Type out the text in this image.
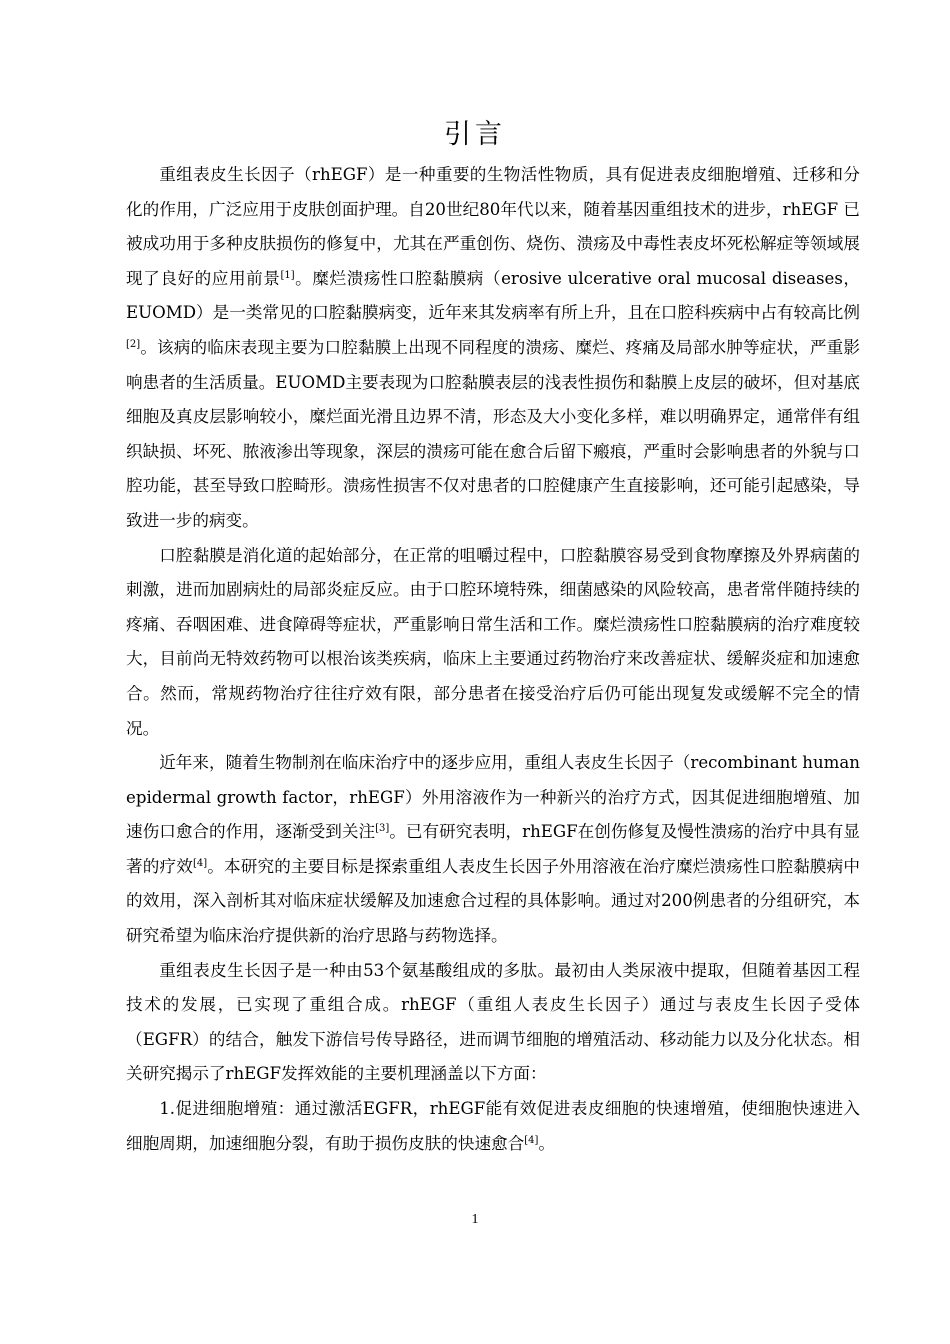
引言

重组表皮生长因子（rhEGF）是一种重要的生物活性物质，具有促进表皮细胞增殖、迁移和分化的作用，广泛应用于皮肤创面护理。自20世纪80年代以来，随着基因重组技术的进步，rhEGF 已被成功用于多种皮肤损伤的修复中，尤其在严重创伤、烧伤、溃疡及中毒性表皮坏死松解症等领域展现了良好的应用前景[1]。糜烂溃疡性口腔黏膜病（erosive ulcerative oral mucosal diseases，EUOMD）是一类常见的口腔黏膜病变，近年来其发病率有所上升，且在口腔科疾病中占有较高比例[2]。该病的临床表现主要为口腔黏膜上出现不同程度的溃疡、糜烂、疼痛及局部水肿等症状，严重影响患者的生活质量。EUOMD主要表现为口腔黏膜表层的浅表性损伤和黏膜上皮层的破坏，但对基底细胞及真皮层影响较小，糜烂面光滑且边界不清，形态及大小变化多样，难以明确界定，通常伴有组织缺损、坏死、脓液渗出等现象，深层的溃疡可能在愈合后留下瘢痕，严重时会影响患者的外貌与口腔功能，甚至导致口腔畸形。溃疡性损害不仅对患者的口腔健康产生直接影响，还可能引起感染，导致进一步的病变。

口腔黏膜是消化道的起始部分，在正常的咀嚼过程中，口腔黏膜容易受到食物摩擦及外界病菌的刺激，进而加剧病灶的局部炎症反应。由于口腔环境特殊，细菌感染的风险较高，患者常伴随持续的疼痛、吞咽困难、进食障碍等症状，严重影响日常生活和工作。糜烂溃疡性口腔黏膜病的治疗难度较大，目前尚无特效药物可以根治该类疾病，临床上主要通过药物治疗来改善症状、缓解炎症和加速愈合。然而，常规药物治疗往往疗效有限，部分患者在接受治疗后仍可能出现复发或缓解不完全的情况。

近年来，随着生物制剂在临床治疗中的逐步应用，重组人表皮生长因子（recombinant human epidermal growth factor，rhEGF）外用溶液作为一种新兴的治疗方式，因其促进细胞增殖、加速伤口愈合的作用，逐渐受到关注[3]。已有研究表明，rhEGF在创伤修复及慢性溃疡的治疗中具有显著的疗效[4]。本研究的主要目标是探索重组人表皮生长因子外用溶液在治疗糜烂溃疡性口腔黏膜病中的效用，深入剖析其对临床症状缓解及加速愈合过程的具体影响。通过对200例患者的分组研究，本研究希望为临床治疗提供新的治疗思路与药物选择。

重组表皮生长因子是一种由53个氨基酸组成的多肽。最初由人类尿液中提取，但随着基因工程技术的发展，已实现了重组合成。rhEGF（重组人表皮生长因子）通过与表皮生长因子受体（EGFR）的结合，触发下游信号传导路径，进而调节细胞的增殖活动、移动能力以及分化状态。相关研究揭示了rhEGF发挥效能的主要机理涵盖以下方面：

1.促进细胞增殖：通过激活EGFR，rhEGF能有效促进表皮细胞的快速增殖，使细胞快速进入细胞周期，加速细胞分裂，有助于损伤皮肤的快速愈合[4]。

1
